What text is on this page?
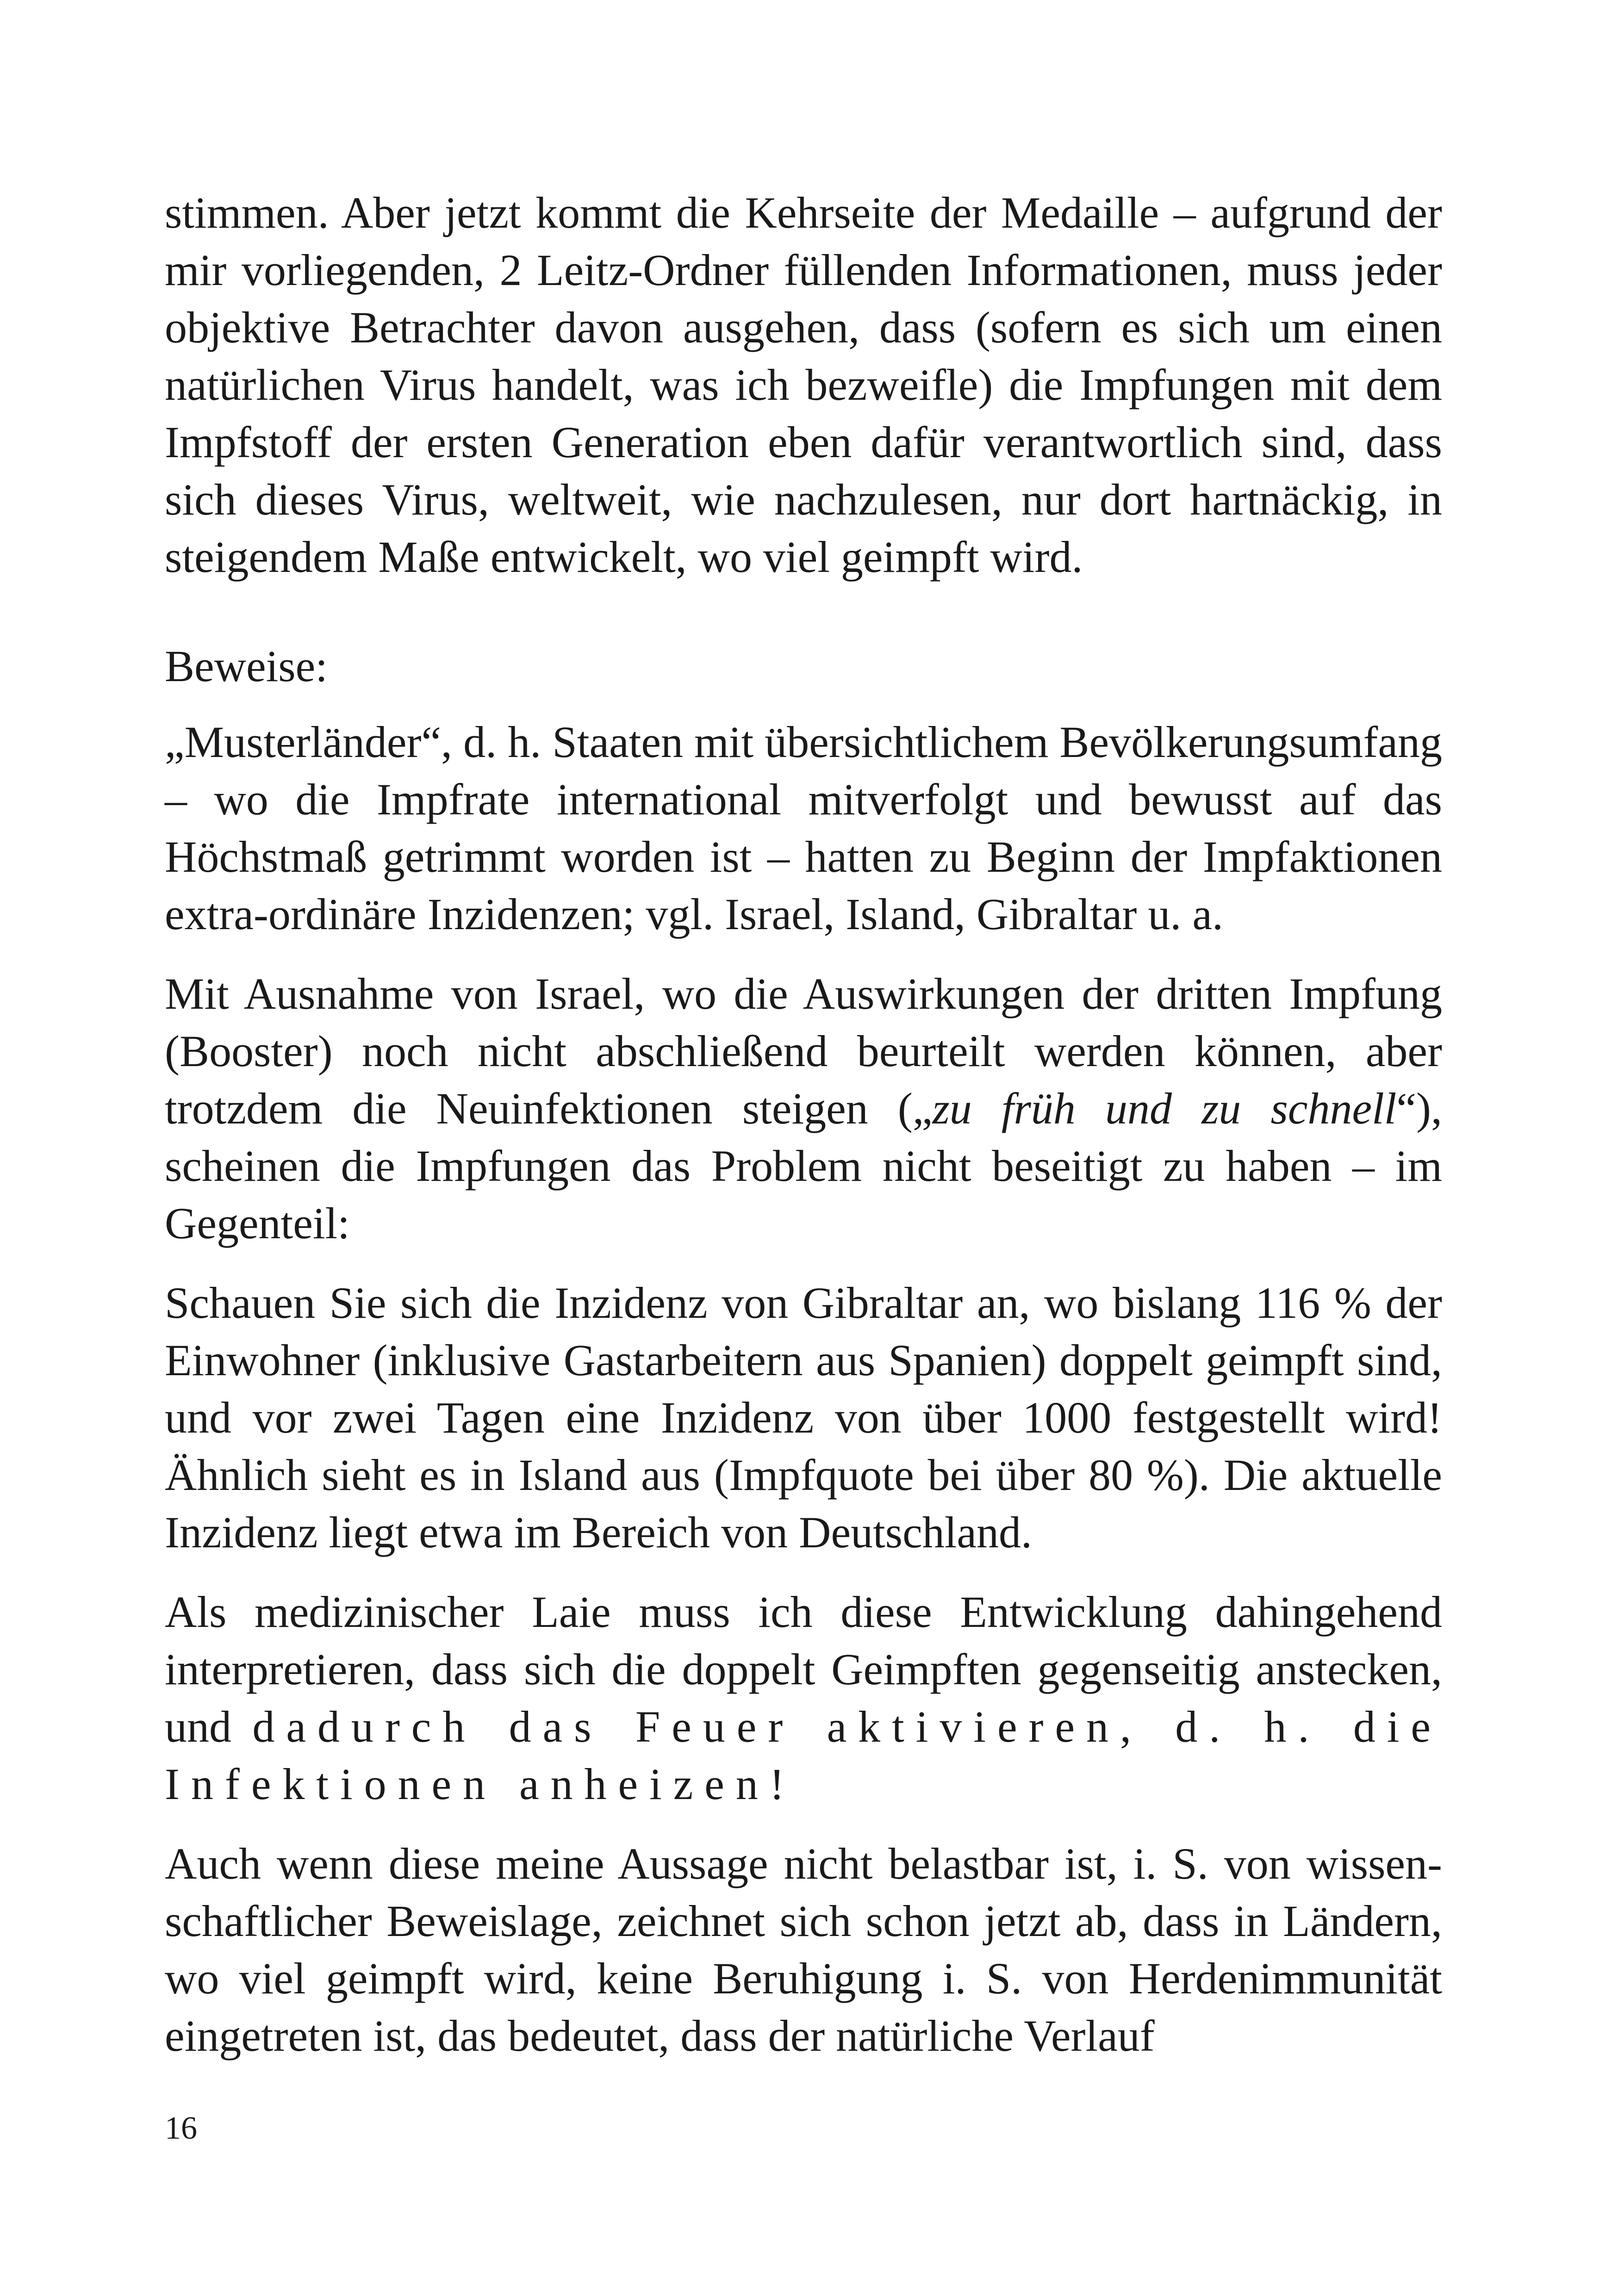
stimmen. Aber jetzt kommt die Kehrseite der Medaille – aufgrund der mir vorliegenden, 2 Leitz-Ordner füllenden Informationen, muss jeder objektive Betrachter davon ausgehen, dass (sofern es sich um einen natürlichen Virus handelt, was ich bezweifle) die Impfungen mit dem Impfstoff der ersten Generation eben dafür verantwortlich sind, dass sich dieses Virus, weltweit, wie nachzulesen, nur dort hartnäckig, in steigendem Maße entwickelt, wo viel geimpft wird.

Beweise:

„Musterländer“, d. h. Staaten mit übersichtlichem Bevölkerungsumfang – wo die Impfrate international mitverfolgt und bewusst auf das Höchstmaß getrimmt worden ist – hatten zu Beginn der Impfaktionen extra-ordinäre Inzidenzen; vgl. Israel, Island, Gibraltar u. a.

Mit Ausnahme von Israel, wo die Auswirkungen der dritten Impfung (Booster) noch nicht abschließend beurteilt werden können, aber trotzdem die Neuinfektionen steigen („zu früh und zu schnell“), scheinen die Impfungen das Problem nicht beseitigt zu haben – im Gegenteil:

Schauen Sie sich die Inzidenz von Gibraltar an, wo bislang 116 % der Einwohner (inklusive Gastarbeitern aus Spanien) doppelt geimpft sind, und vor zwei Tagen eine Inzidenz von über 1000 festgestellt wird! Ähnlich sieht es in Island aus (Impfquote bei über 80 %). Die aktuelle Inzidenz liegt etwa im Bereich von Deutschland.

Als medizinischer Laie muss ich diese Entwicklung dahingehend interpretieren, dass sich die doppelt Geimpften gegenseitig anstecken, und dadurch das Feuer aktivieren, d. h. die Infektionen anheizen!

Auch wenn diese meine Aussage nicht belastbar ist, i. S. von wissenschaftlicher Beweislage, zeichnet sich schon jetzt ab, dass in Ländern, wo viel geimpft wird, keine Beruhigung i. S. von Herdenimmunität eingetreten ist, das bedeutet, dass der natürliche Verlauf

16
